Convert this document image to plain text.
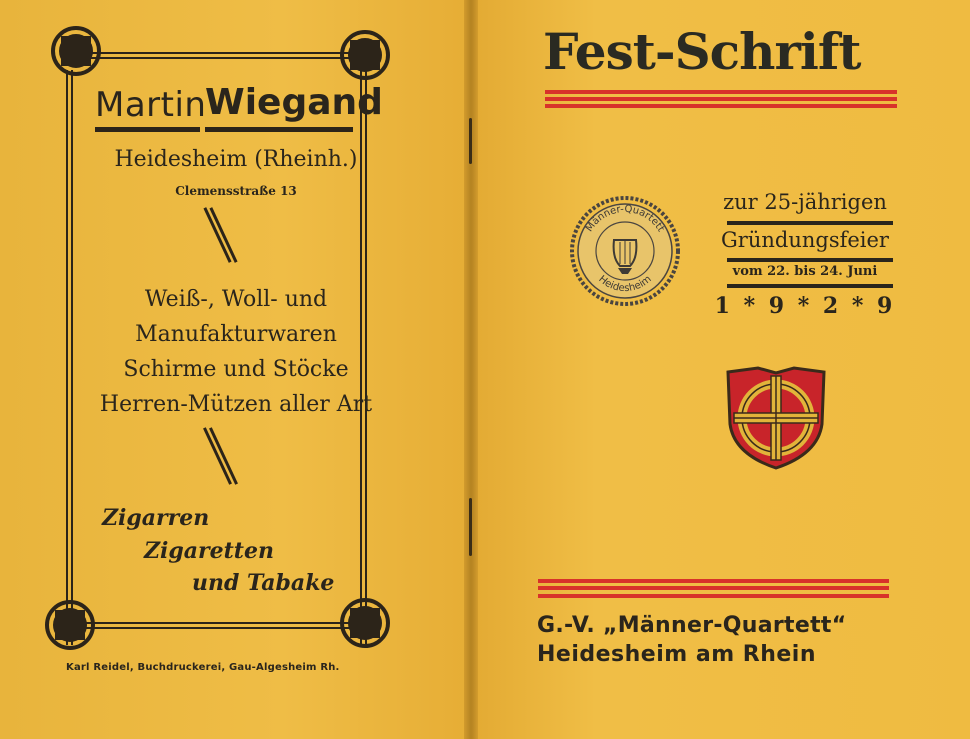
Martin
Wiegand
Heidesheim (Rheinh.)
Clemensstraße 13
Weiß-, Woll- und
Manufakturwaren
Schirme und Stöcke
Herren-Mützen aller Art
Zigarren
Zigaretten
und Tabake
Karl Reidel, Buchdruckerei, Gau-Algesheim Rh.
Fest-Schrift
Männer-Quartett
Heidesheim
zur 25-jährigen
Gründungsfeier
vom 22. bis 24. Juni
1 * 9 * 2 * 9
G.-V. „Männer-Quartett“
Heidesheim am Rhein
